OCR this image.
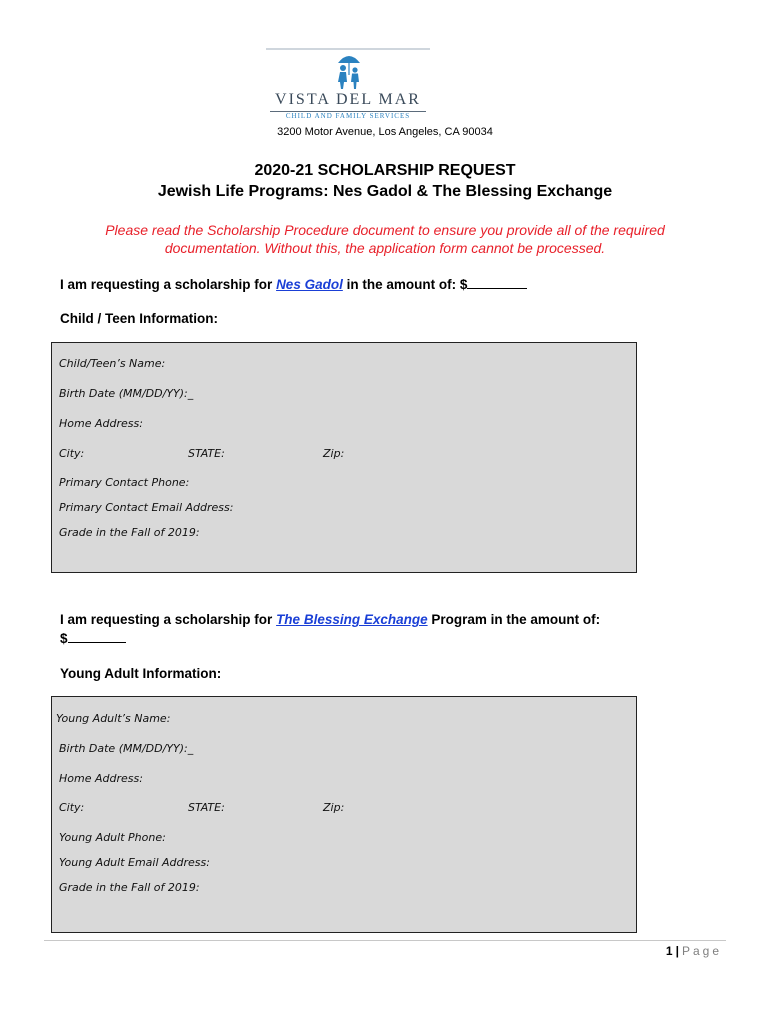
VISTA DEL MAR
CHILD AND FAMILY SERVICES
3200 Motor Avenue, Los Angeles, CA 90034
2020-21 SCHOLARSHIP REQUEST
Jewish Life Programs: Nes Gadol & The Blessing Exchange
Please read the Scholarship Procedure document to ensure you provide all of the required
documentation. Without this, the application form cannot be processed.
I am requesting a scholarship for Nes Gadol in the amount of: $
Child / Teen Information:
Child/Teen’s Name:
Birth Date (MM/DD/YY):_
Home Address:
City:	STATE:	Zip:
Primary Contact Phone:
Primary Contact Email Address:
Grade in the Fall of 2019:
I am requesting a scholarship for The Blessing Exchange Program in the amount of:
$
Young Adult Information:
Young Adult’s Name:
Birth Date (MM/DD/YY):_
Home Address:
City:	STATE:	Zip:
Young Adult Phone:
Young Adult Email Address:
Grade in the Fall of 2019:
1 | Page
